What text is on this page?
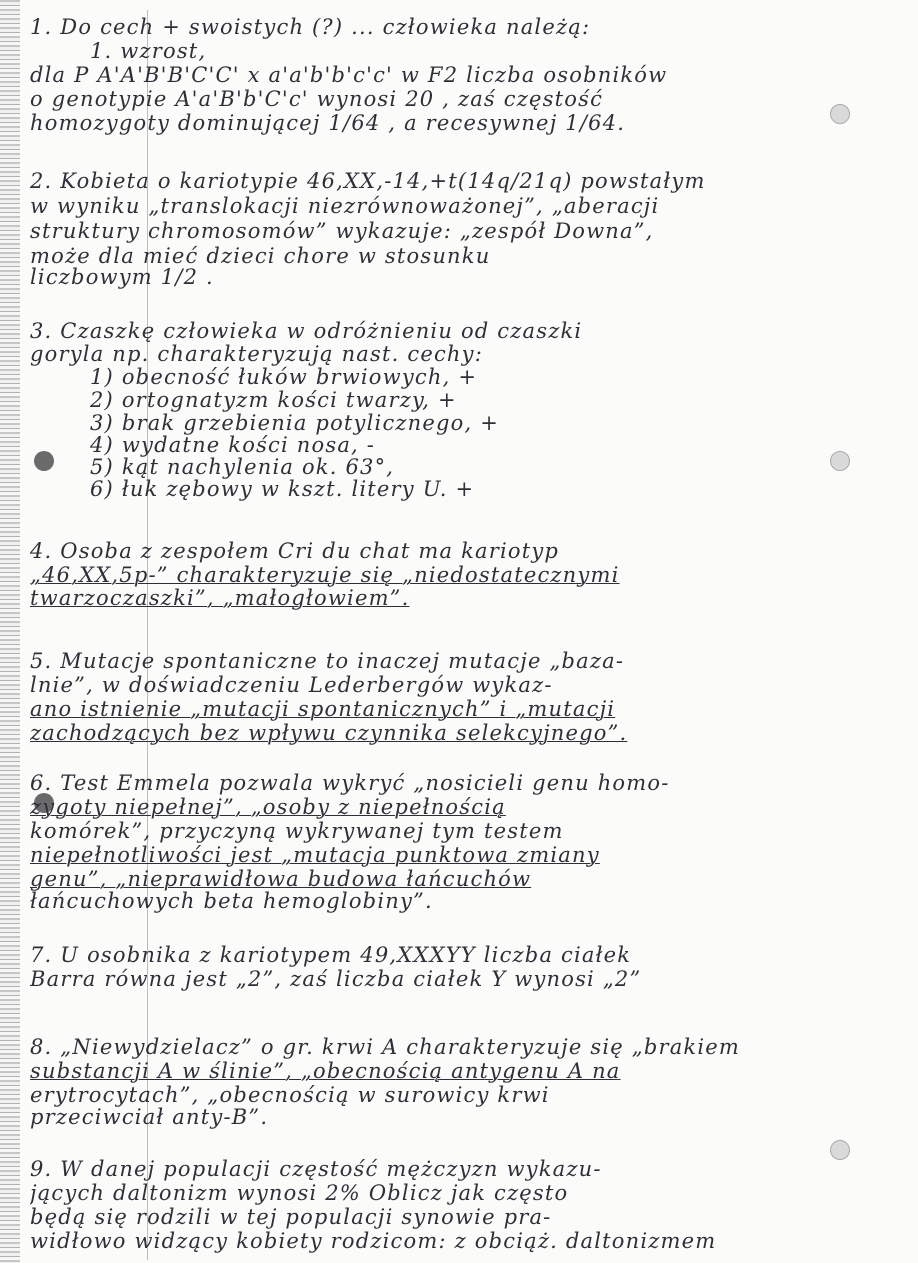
1. Do cech + swoistych (?) ... człowieka należą:
1. wzrost,
dla P A'A'B'B'C'C' x a'a'b'b'c'c' w F2 liczba osobników
o genotypie A'a'B'b'C'c' wynosi 20 , zaś częstość
homozygoty dominującej 1/64 , a recesywnej 1/64.
2. Kobieta o kariotypie 46,XX,-14,+t(14q/21q) powstałym
w wyniku „translokacji niezrównoważonej”, „aberacji
struktury chromosomów” wykazuje: „zespół Downa”,
może dla mieć dzieci chore w stosunku
liczbowym 1/2 .
3. Czaszkę człowieka w odróżnieniu od czaszki
goryla np. charakteryzują nast. cechy:
1) obecność łuków brwiowych, +
2) ortognatyzm kości twarzy, +
3) brak grzebienia potylicznego, +
4) wydatne kości nosa, -
5) kąt nachylenia ok. 63°,
6) łuk zębowy w kszt. litery U. +
4. Osoba z zespołem Cri du chat ma kariotyp
„46,XX,5p-” charakteryzuje się „niedostatecznymi
twarzoczaszki”, „małogłowiem”.
5. Mutacje spontaniczne to inaczej mutacje „baza-
lnie”, w doświadczeniu Lederbergów wykaz-
ano istnienie „mutacji spontanicznych” i „mutacji
zachodzących bez wpływu czynnika selekcyjnego”.
6. Test Emmela pozwala wykryć „nosicieli genu homo-
zygoty niepełnej”, „osoby z niepełnością
komórek”, przyczyną wykrywanej tym testem
niepełnotliwości jest „mutacja punktowa zmiany
genu”, „nieprawidłowa budowa łańcuchów
łańcuchowych beta hemoglobiny”.
7. U osobnika z kariotypem 49,XXXYY liczba ciałek
Barra równa jest „2”, zaś liczba ciałek Y wynosi „2”
8. „Niewydzielacz” o gr. krwi A charakteryzuje się „brakiem
substancji A w ślinie”, „obecnością antygenu A na
erytrocytach”, „obecnością w surowicy krwi
przeciwciał anty-B”.
9. W danej populacji częstość mężczyzn wykazu-
jących daltonizm wynosi 2% Oblicz jak często
będą się rodzili w tej populacji synowie pra-
widłowo widzący kobiety rodzicom: z obciąż. daltonizmem
